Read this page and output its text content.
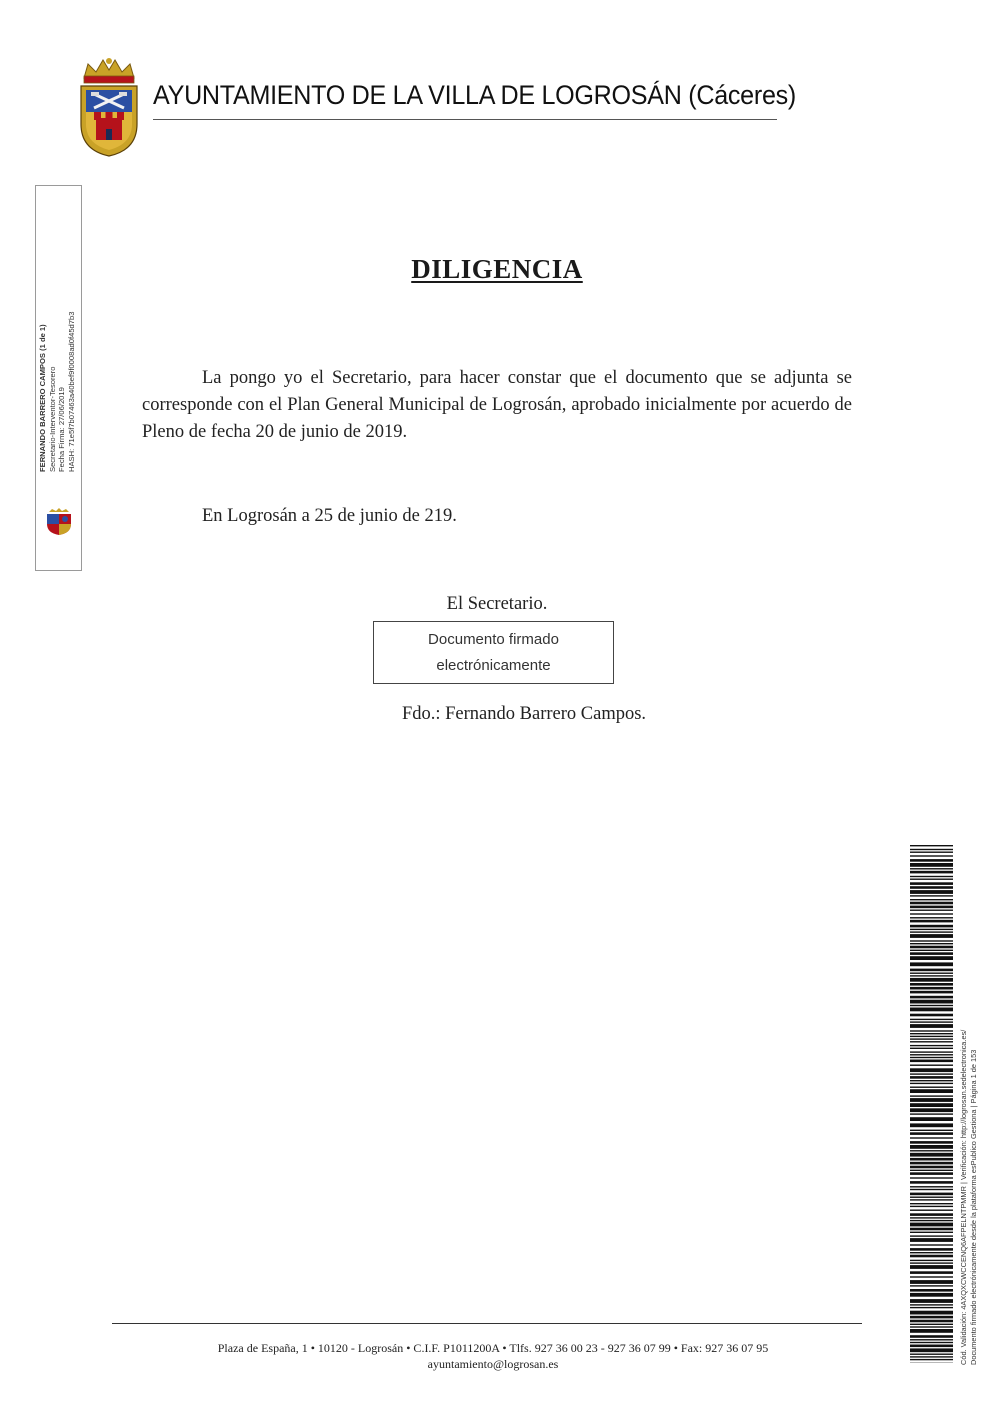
AYUNTAMIENTO DE LA VILLA DE LOGROSÁN (Cáceres)
FERNANDO BARRERO CAMPOS (1 de 1) Secretario-Interventor-Tesorero Fecha Firma: 27/06/2019 HASH: 71e5f7b07463a40bef9f0008ad0f45d7b3
DILIGENCIA
La pongo yo el Secretario, para hacer constar que el documento que se adjunta se corresponde con el Plan General Municipal de Logrosán, aprobado inicialmente por acuerdo de Pleno de fecha 20 de junio de 2019.
En Logrosán a 25 de junio de 219.
El Secretario.
Documento firmado
electrónicamente
Fdo.: Fernando Barrero Campos.
Cód. Validación: 4AXQXCWCCENQ6AFPELNTPMMR | Verificación: http://logrosan.sedelectronica.es/ Documento firmado electrónicamente desde la plataforma esPublico Gestiona | Página 1 de 153
Plaza de España, 1 • 10120 - Logrosán • C.I.F. P1011200A • Tlfs. 927 36 00 23 - 927 36 07 99 • Fax: 927 36 07 95
ayuntamiento@logrosan.es
